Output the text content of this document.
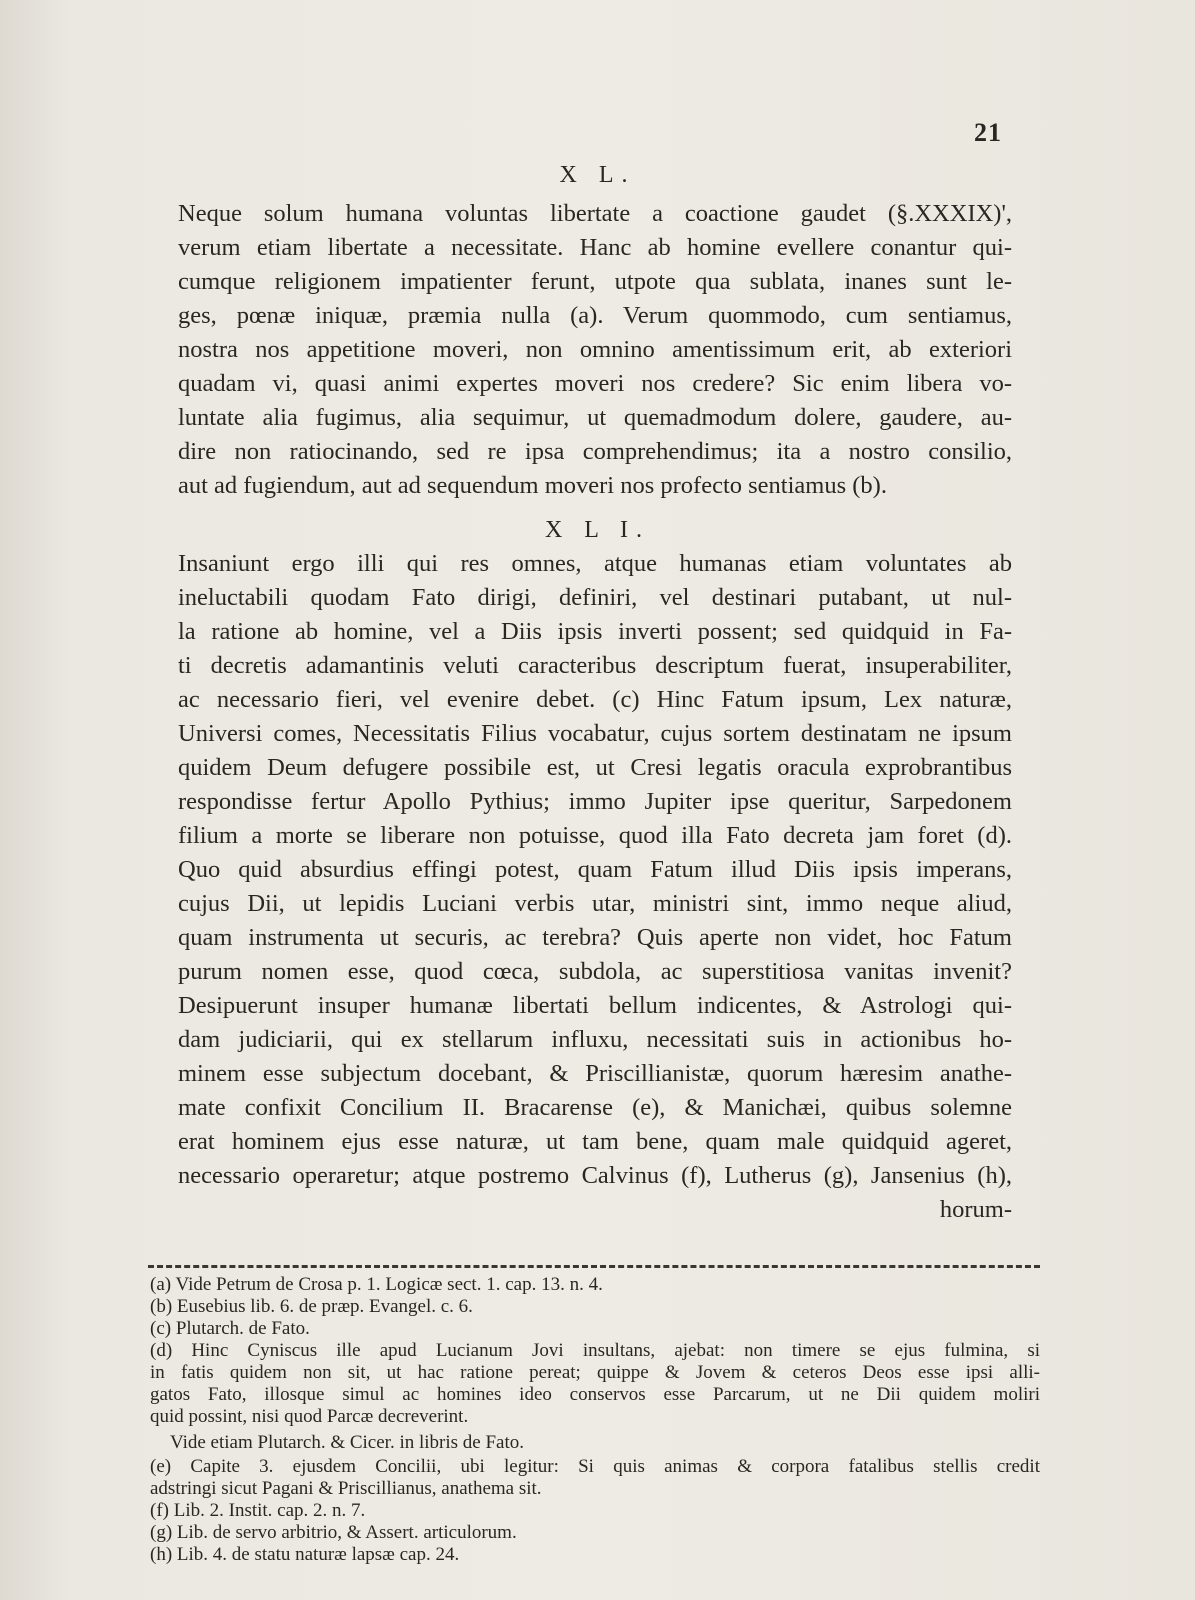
21
X L.
Neque solum humana voluntas libertate a coactione gaudet (§.XXXIX)',
verum etiam libertate a necessitate. Hanc ab homine evellere conantur qui-
cumque religionem impatienter ferunt, utpote qua sublata, inanes sunt le-
ges, pœnæ iniquæ, præmia nulla (a). Verum quommodo, cum sentiamus,
nostra nos appetitione moveri, non omnino amentissimum erit, ab exteriori
quadam vi, quasi animi expertes moveri nos credere? Sic enim libera vo-
luntate alia fugimus, alia sequimur, ut quemadmodum dolere, gaudere, au-
dire non ratiocinando, sed re ipsa comprehendimus; ita a nostro consilio,
aut ad fugiendum, aut ad sequendum moveri nos profecto sentiamus (b).
X L I.
Insaniunt ergo illi qui res omnes, atque humanas etiam voluntates ab
ineluctabili quodam Fato dirigi, definiri, vel destinari putabant, ut nul-
la ratione ab homine, vel a Diis ipsis inverti possent; sed quidquid in Fa-
ti decretis adamantinis veluti caracteribus descriptum fuerat, insuperabiliter,
ac necessario fieri, vel evenire debet. (c) Hinc Fatum ipsum, Lex naturæ,
Universi comes, Necessitatis Filius vocabatur, cujus sortem destinatam ne ipsum
quidem Deum defugere possibile est, ut Cresi legatis oracula exprobrantibus
respondisse fertur Apollo Pythius; immo Jupiter ipse queritur, Sarpedonem
filium a morte se liberare non potuisse, quod illa Fato decreta jam foret (d).
Quo quid absurdius effingi potest, quam Fatum illud Diis ipsis imperans,
cujus Dii, ut lepidis Luciani verbis utar, ministri sint, immo neque aliud,
quam instrumenta ut securis, ac terebra? Quis aperte non videt, hoc Fatum
purum nomen esse, quod cœca, subdola, ac superstitiosa vanitas invenit?
Desipuerunt insuper humanæ libertati bellum indicentes, & Astrologi qui-
dam judiciarii, qui ex stellarum influxu, necessitati suis in actionibus ho-
minem esse subjectum docebant, & Priscillianistæ, quorum hæresim anathe-
mate confixit Concilium II. Bracarense (e), & Manichæi, quibus solemne
erat hominem ejus esse naturæ, ut tam bene, quam male quidquid ageret,
necessario operaretur; atque postremo Calvinus (f), Lutherus (g), Jansenius (h),
horum-
(a) Vide Petrum de Crosa p. 1. Logicæ sect. 1. cap. 13. n. 4.
(b) Eusebius lib. 6. de præp. Evangel. c. 6.
(c) Plutarch. de Fato.
(d) Hinc Cyniscus ille apud Lucianum Jovi insultans, ajebat: non timere se ejus fulmina, si
in fatis quidem non sit, ut hac ratione pereat; quippe & Jovem & ceteros Deos esse ipsi alli-
gatos Fato, illosque simul ac homines ideo conservos esse Parcarum, ut ne Dii quidem moliri
quid possint, nisi quod Parcæ decreverint.
Vide etiam Plutarch. & Cicer. in libris de Fato.
(e) Capite 3. ejusdem Concilii, ubi legitur: Si quis animas & corpora fatalibus stellis credit
adstringi sicut Pagani & Priscillianus, anathema sit.
(f) Lib. 2. Instit. cap. 2. n. 7.
(g) Lib. de servo arbitrio, & Assert. articulorum.
(h) Lib. 4. de statu naturæ lapsæ cap. 24.
